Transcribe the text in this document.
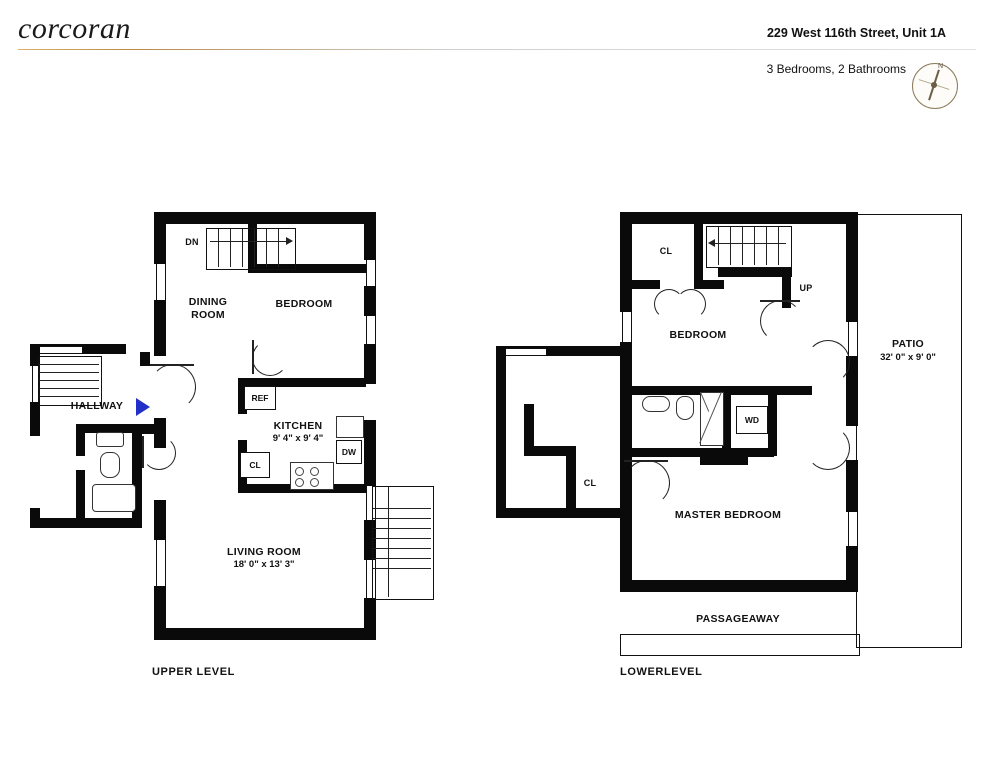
corcoran	229 West 116th Street, Unit 1A
3 Bedrooms, 2 Bathrooms	N
DN
REF
DW
CL
DINING
ROOM
BEDROOM
KITCHEN
9' 4" x 9' 4"
LIVING ROOM
18' 0" x 13' 3"
HALLWAY
UPPER LEVEL
UP
CL
CL
WD
BEDROOM
MASTER BEDROOM
PATIO
32' 0" x 9' 0"
PASSAGEAWAY
LOWERLEVEL
